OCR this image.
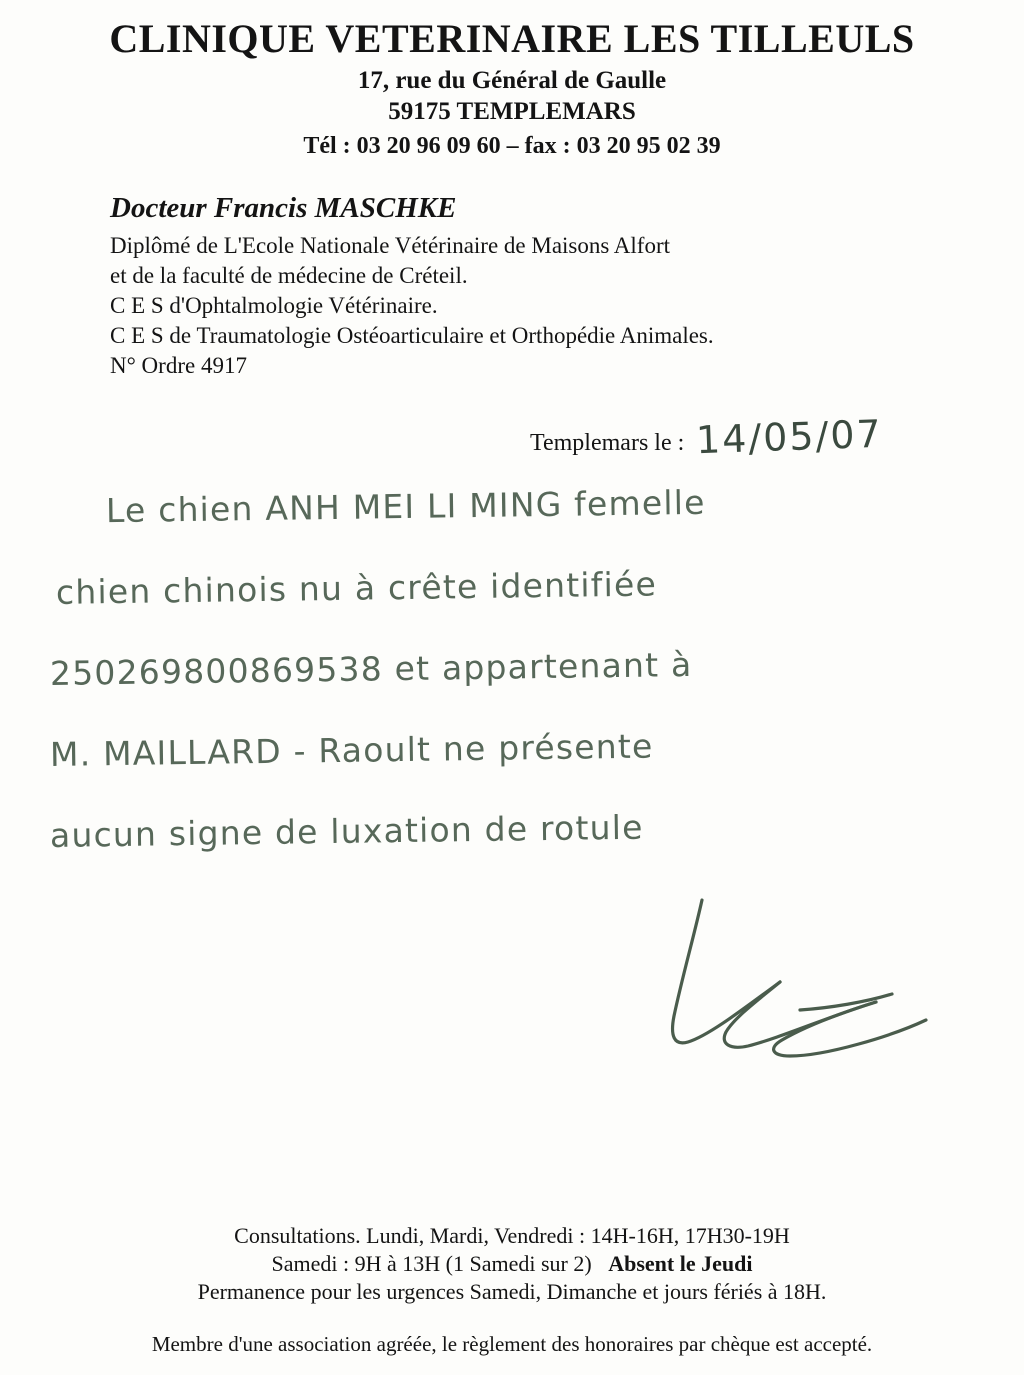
CLINIQUE VETERINAIRE LES TILLEULS

17, rue du Général de Gaulle

59175 TEMPLEMARS

Tél : 03 20 96 09 60 – fax : 03 20 95 02 39

Docteur Francis MASCHKE

Diplômé de L'Ecole Nationale Vétérinaire de Maisons Alfort

et de la faculté de médecine de Créteil.

C E S d'Ophtalmologie Vétérinaire.

C E S de Traumatologie Ostéoarticulaire et Orthopédie Animales.

N° Ordre 4917

Templemars le : 14/05/07

Le chien ANH MEI LI MING femelle

chien chinois nu à crête identifiée

250269800869538 et appartenant à

M. MAILLARD - Raoult ne présente

aucun signe de luxation de rotule

Consultations. Lundi, Mardi, Vendredi : 14H-16H, 17H30-19H

Samedi : 9H à 13H (1 Samedi sur 2) Absent le Jeudi

Permanence pour les urgences Samedi, Dimanche et jours fériés à 18H.

Membre d'une association agréée, le règlement des honoraires par chèque est accepté.
